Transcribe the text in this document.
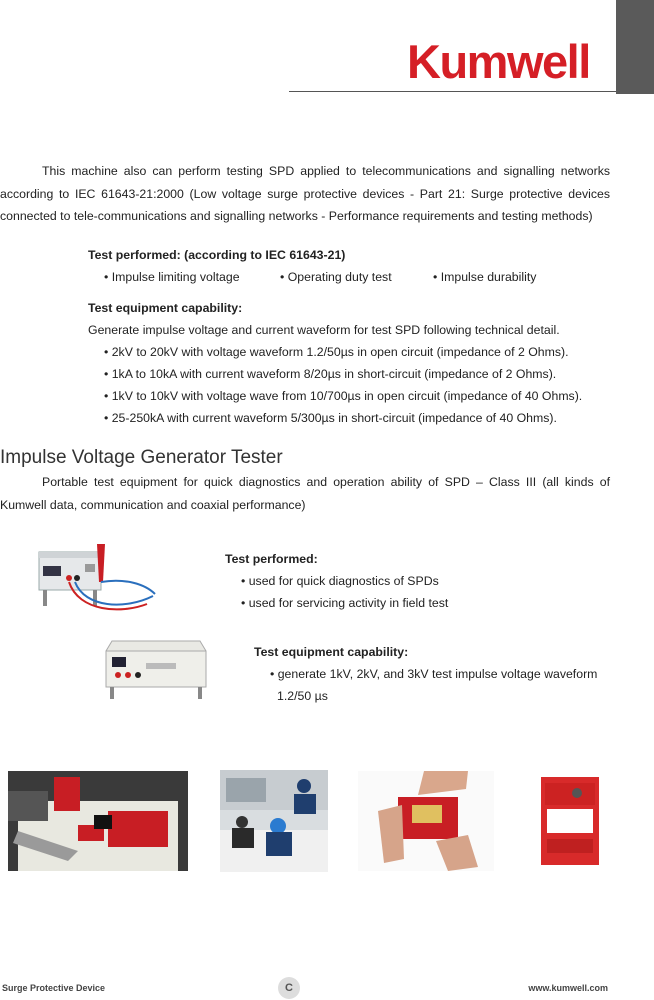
Kumwell

This machine also can perform testing SPD applied to telecommunications and signalling networks according to IEC 61643-21:2000 (Low voltage surge protective devices - Part 21: Surge protective devices connected to tele-communications and signalling networks - Performance requirements and testing methods)

Test performed: (according to IEC 61643-21)
• Impulse limiting voltage	• Operating duty test	• Impulse durability
Test equipment capability:
Generate impulse voltage and current waveform for test SPD following technical detail.
• 2kV to 20kV with voltage waveform 1.2/50µs in open circuit (impedance of 2 Ohms).
• 1kA to 10kA with current waveform 8/20µs in short-circuit (impedance of 2 Ohms).
• 1kV to 10kV with voltage wave from 10/700µs in open circuit (impedance of 40 Ohms).
• 25-250kA with current waveform 5/300µs in short-circuit (impedance of 40 Ohms).
Impulse Voltage Generator Tester

Portable test equipment for quick diagnostics and operation ability of SPD – Class III (all kinds of Kumwell data, communication and coaxial performance)

Test performed:
• used for quick diagnostics of SPDs
• used for servicing activity in field test
Test equipment capability:
• generate 1kV, 2kV, and 3kV test impulse voltage waveform
1.2/50 µs
Surge Protective Device	C	www.kumwell.com
